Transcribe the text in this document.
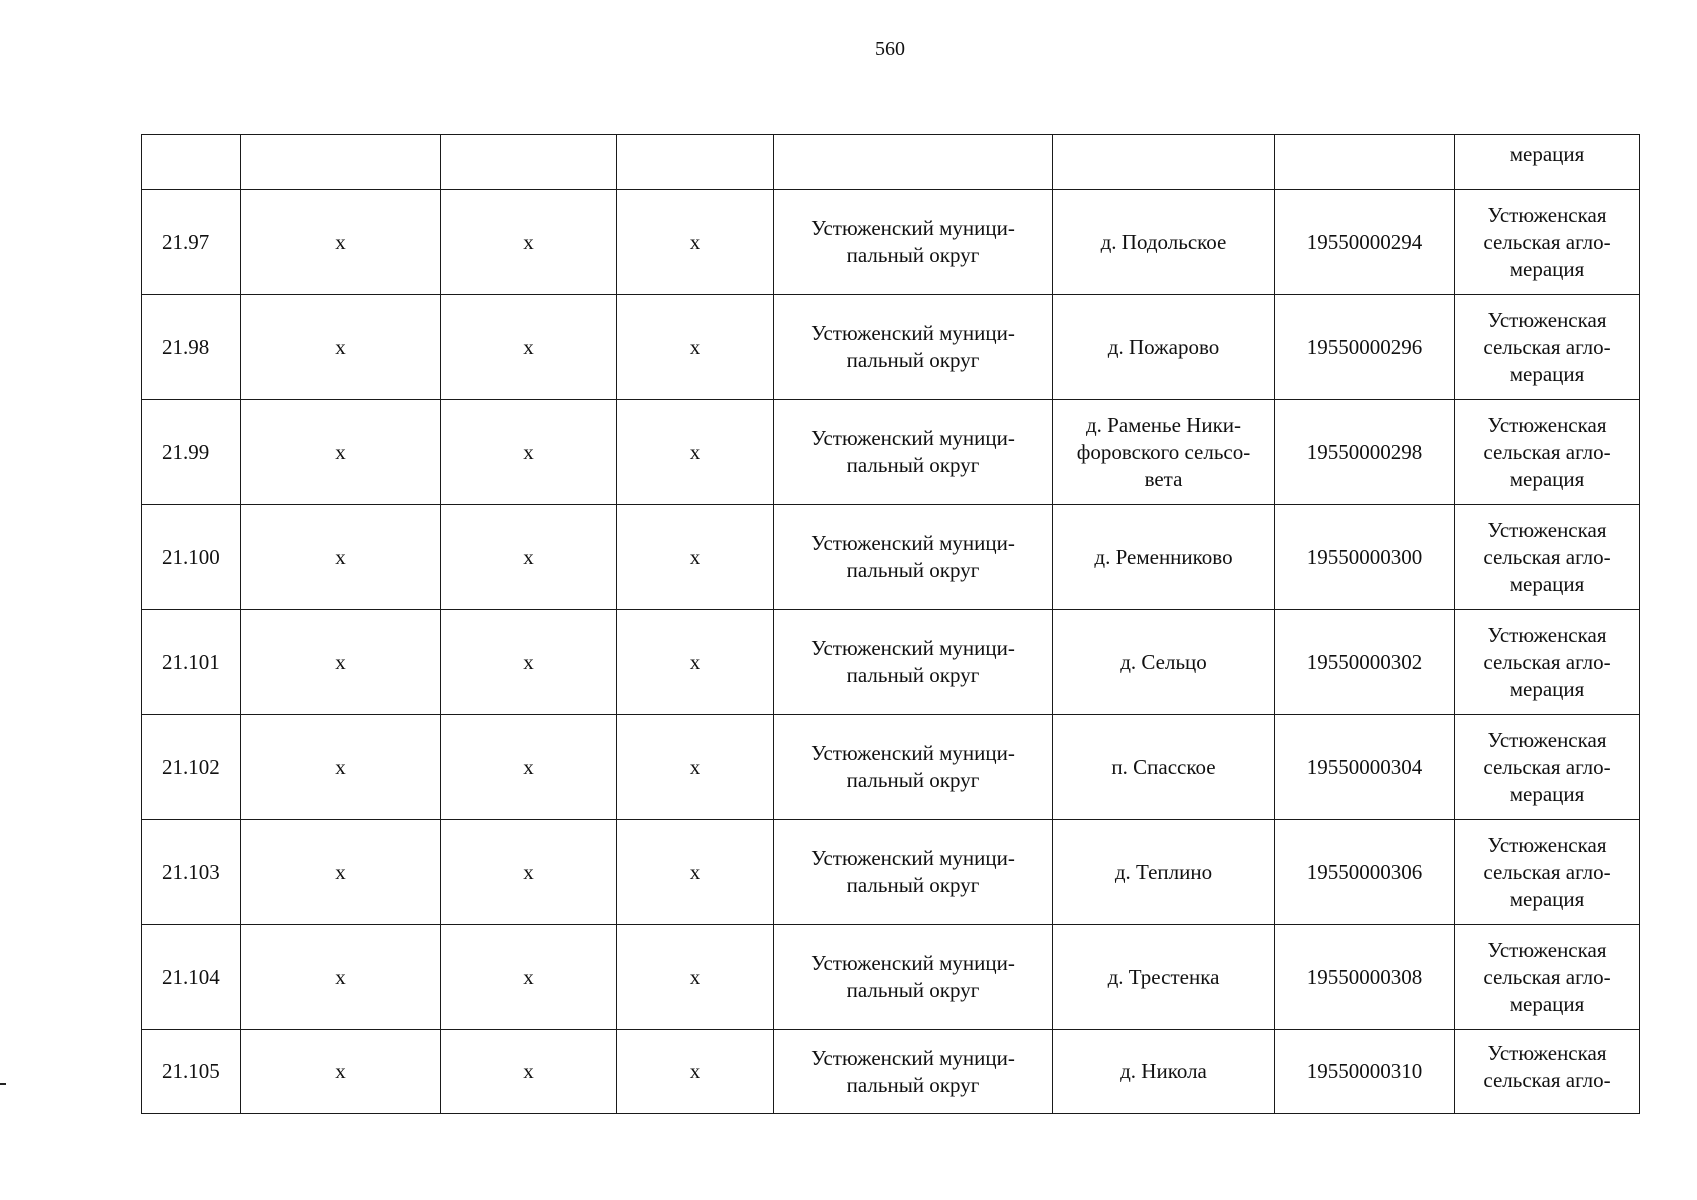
560
							мерация
21.97	x	x	x	Устюженский муници-
пальный округ	д. Подольское	19550000294	Устюженская
сельская агло-
мерация

21.98	x	x	x	Устюженский муници-
пальный округ	д. Пожарово	19550000296	Устюженская
сельская агло-
мерация

21.99	x	x	x	Устюженский муници-
пальный округ	д. Раменье Ники-
форовского сельсо-
вета	19550000298	Устюженская
сельская агло-
мерация

21.100	x	x	x	Устюженский муници-
пальный округ	д. Ременниково	19550000300	Устюженская
сельская агло-
мерация

21.101	x	x	x	Устюженский муници-
пальный округ	д. Сельцо	19550000302	Устюженская
сельская агло-
мерация

21.102	x	x	x	Устюженский муници-
пальный округ	п. Спасское	19550000304	Устюженская
сельская агло-
мерация

21.103	x	x	x	Устюженский муници-
пальный округ	д. Теплино	19550000306	Устюженская
сельская агло-
мерация

21.104	x	x	x	Устюженский муници-
пальный округ	д. Трестенка	19550000308	Устюженская
сельская агло-
мерация

21.105	x	x	x	Устюженский муници-
пальный округ	д. Никола	19550000310	Устюженская
сельская агло-
